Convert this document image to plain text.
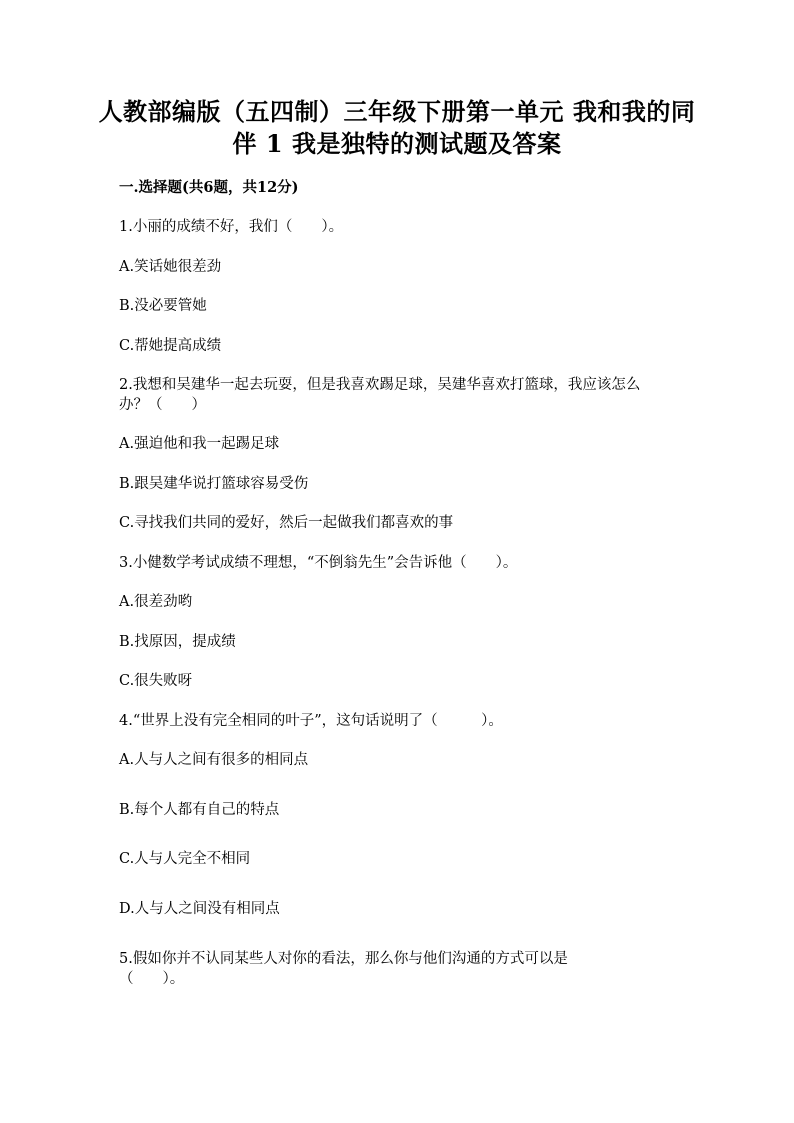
人教部编版（五四制）三年级下册第一单元 我和我的同伴 1 我是独特的测试题及答案
一.选择题(共6题，共12分)
1.小丽的成绩不好，我们（　　）。
A.笑话她很差劲
B.没必要管她
C.帮她提高成绩
2.我想和吴建华一起去玩耍，但是我喜欢踢足球，吴建华喜欢打篮球，我应该怎么办？（　　）
A.强迫他和我一起踢足球
B.跟吴建华说打篮球容易受伤
C.寻找我们共同的爱好，然后一起做我们都喜欢的事
3.小健数学考试成绩不理想，“不倒翁先生”会告诉他（　　）。
A.很差劲哟
B.找原因，提成绩
C.很失败呀
4.“世界上没有完全相同的叶子”，这句话说明了（　　　）。
A.人与人之间有很多的相同点
B.每个人都有自己的特点
C.人与人完全不相同
D.人与人之间没有相同点
5.假如你并不认同某些人对你的看法，那么你与他们沟通的方式可以是（　　）。
